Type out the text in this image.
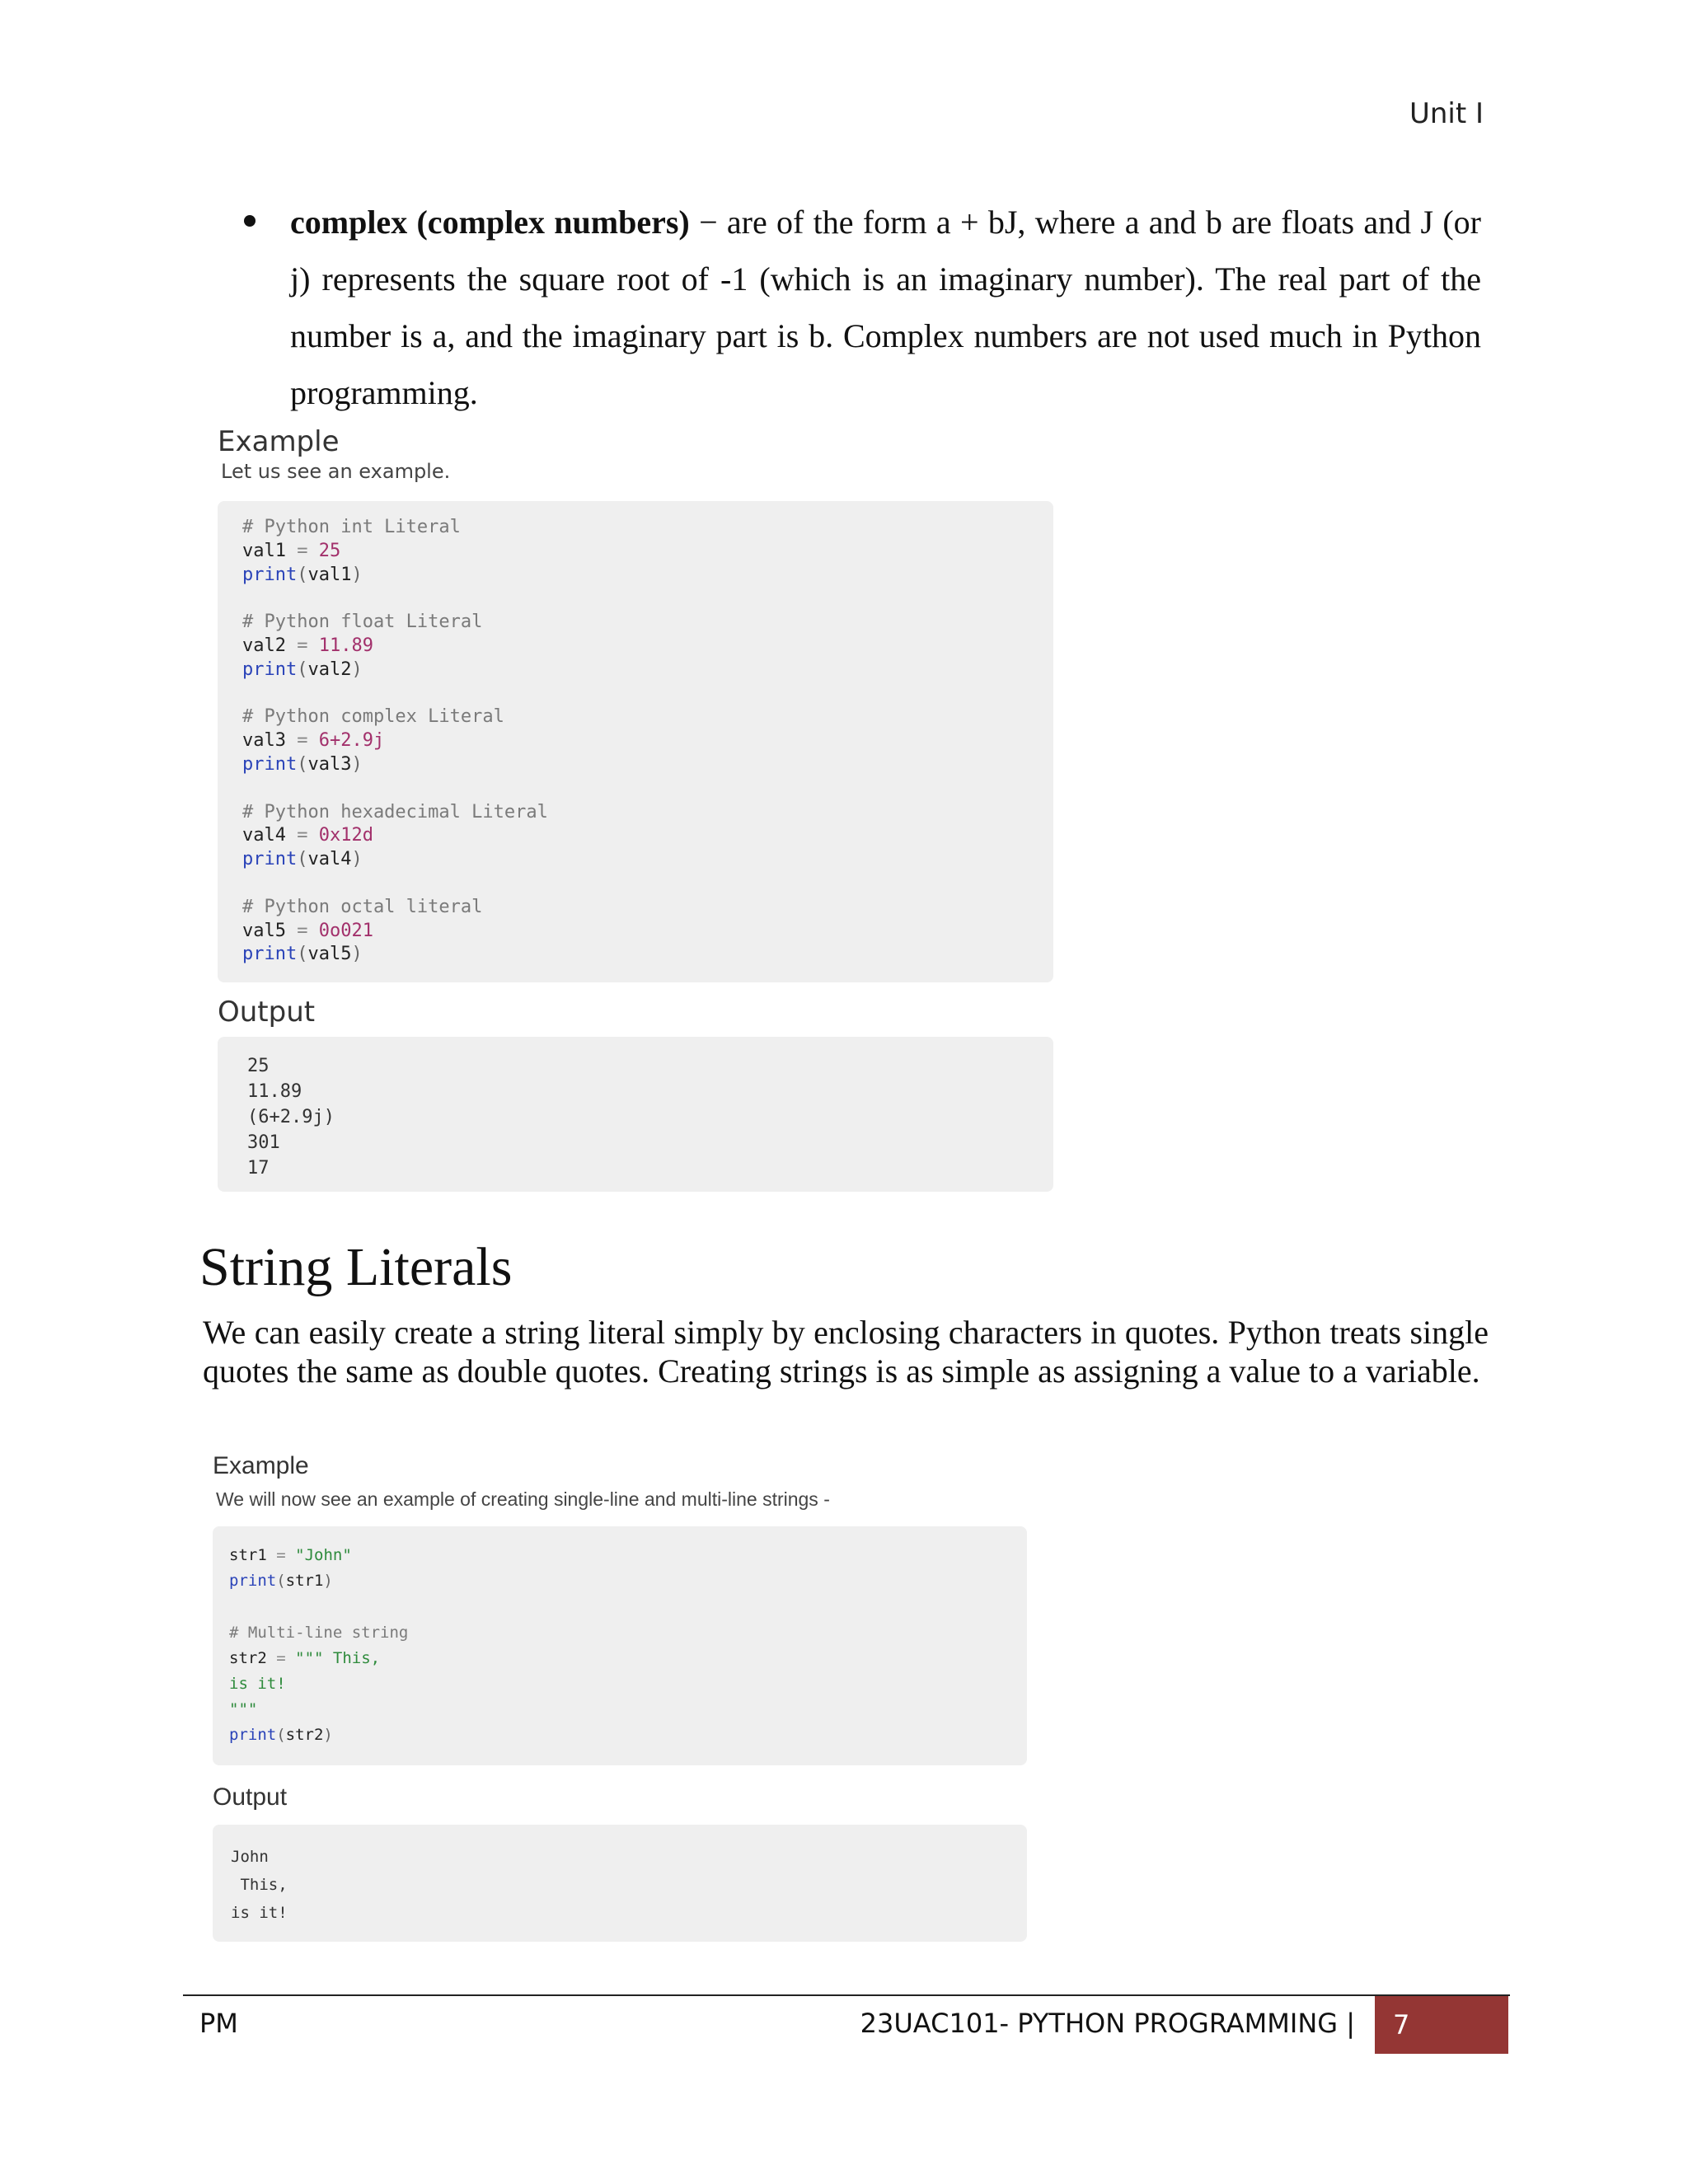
Unit I

complex (complex numbers) − are of the form a + bJ, where a and b are floats and J (or j) represents the square root of -1 (which is an imaginary number). The real part of the number is a, and the imaginary part is b. Complex numbers are not used much in Python programming.

Example
Let us see an example.
# Python int Literal
val1 = 25
print(val1)

# Python float Literal
val2 = 11.89
print(val2)

# Python complex Literal
val3 = 6+2.9j
print(val3)

# Python hexadecimal Literal
val4 = 0x12d
print(val4)

# Python octal literal
val5 = 0o021
print(val5)
Output
25
11.89
(6+2.9j)
301
17
String Literals

We can easily create a string literal simply by enclosing characters in quotes. Python treats single quotes the same as double quotes. Creating strings is as simple as assigning a value to a variable.

Example
We will now see an example of creating single-line and multi-line strings -
str1 = "John"
print(str1)

# Multi-line string
str2 = """ This,
is it!
"""
print(str2)
Output
John
This,
is it!
PM	23UAC101- PYTHON PROGRAMMING |	7
